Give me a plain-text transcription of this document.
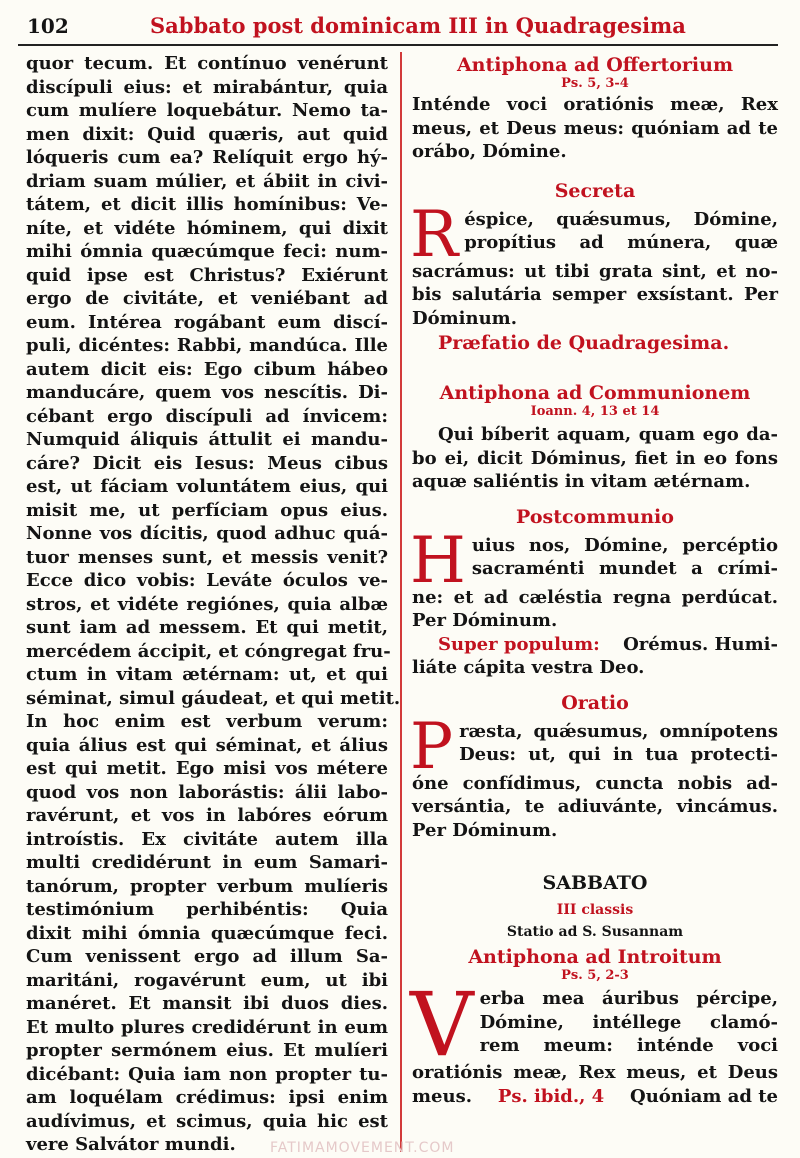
102	Sabbato post dominicam III in Quadragesima
quor tecum. Et contínuo venérunt
discípuli eius: et mirabántur, quia
cum mulíere loquebátur. Nemo ta-
men dixit: Quid quæris, aut quid
lóqueris cum ea? Relíquit ergo hý-
driam suam múlier, et ábiit in civi-
tátem, et dicit illis homínibus: Ve-
níte, et vidéte hóminem, qui dixit
mihi ómnia quæcúmque feci: num-
quid ipse est Christus? Exiérunt
ergo de civitáte, et veniébant ad
eum. Intérea rogábant eum discí-
puli, dicéntes: Rabbi, mandúca. Ille
autem dicit eis: Ego cibum hábeo
manducáre, quem vos nescítis. Di-
cébant ergo discípuli ad ínvicem:
Numquid áliquis áttulit ei mandu-
cáre? Dicit eis Iesus: Meus cibus
est, ut fáciam voluntátem eius, qui
misit me, ut perfíciam opus eius.
Nonne vos dícitis, quod adhuc quá-
tuor menses sunt, et messis venit?
Ecce dico vobis: Leváte óculos ve-
stros, et vidéte regiónes, quia albæ
sunt iam ad messem. Et qui metit,
mercédem áccipit, et cóngregat fru-
ctum in vitam ætérnam: ut, et qui
séminat, simul gáudeat, et qui metit.
In hoc enim est verbum verum:
quia álius est qui séminat, et álius
est qui metit. Ego misi vos métere
quod vos non laborástis: álii labo-
ravérunt, et vos in labóres eórum
introístis. Ex civitáte autem illa
multi credidérunt in eum Samari-
tanórum, propter verbum mulíeris
testimónium perhibéntis: Quia
dixit mihi ómnia quæcúmque feci.
Cum venissent ergo ad illum Sa-
maritáni, rogavérunt eum, ut ibi
manéret. Et mansit ibi duos dies.
Et multo plures credidérunt in eum
propter sermónem eius. Et mulíeri
dicébant: Quia iam non propter tu-
am loquélam crédimus: ipsi enim
audívimus, et scimus, quia hic est
vere Salvátor mundi.
Antiphona ad Offertorium
Ps. 5, 3-4
Inténde voci oratiónis meæ, Rex
meus, et Deus meus: quóniam ad te
orábo, Dómine.
Secreta
R éspice, quǽsumus, Dómine,
propítius ad múnera, quæ
sacrámus: ut tibi grata sint, et no-
bis salutária semper exsístant. Per
Dóminum.
Præfatio de Quadragesima.
Antiphona ad Communionem
Ioann. 4, 13 et 14
Qui bíberit aquam, quam ego da-
bo ei, dicit Dóminus, fiet in eo fons
aquæ saliéntis in vitam ætérnam.
Postcommunio
H uius nos, Dómine, percéptio
sacraménti mundet a crími-
ne: et ad cæléstia regna perdúcat.
Per Dóminum.
Super populum: Orémus. Humi-
liáte cápita vestra Deo.
Oratio
P ræsta, quǽsumus, omnípotens
Deus: ut, qui in tua protecti-
óne confídimus, cuncta nobis ad-
versántia, te adiuvánte, vincámus.
Per Dóminum.
SABBATO
III classis
Statio ad S. Susannam
Antiphona ad Introitum
Ps. 5, 2-3
V erba mea áuribus pércipe,
Dómine, intéllege clamó-
rem meum: inténde voci
oratiónis meæ, Rex meus, et Deus
meus. Ps. ibid., 4 Quóniam ad te
FATIMAMOVEMENT.COM
